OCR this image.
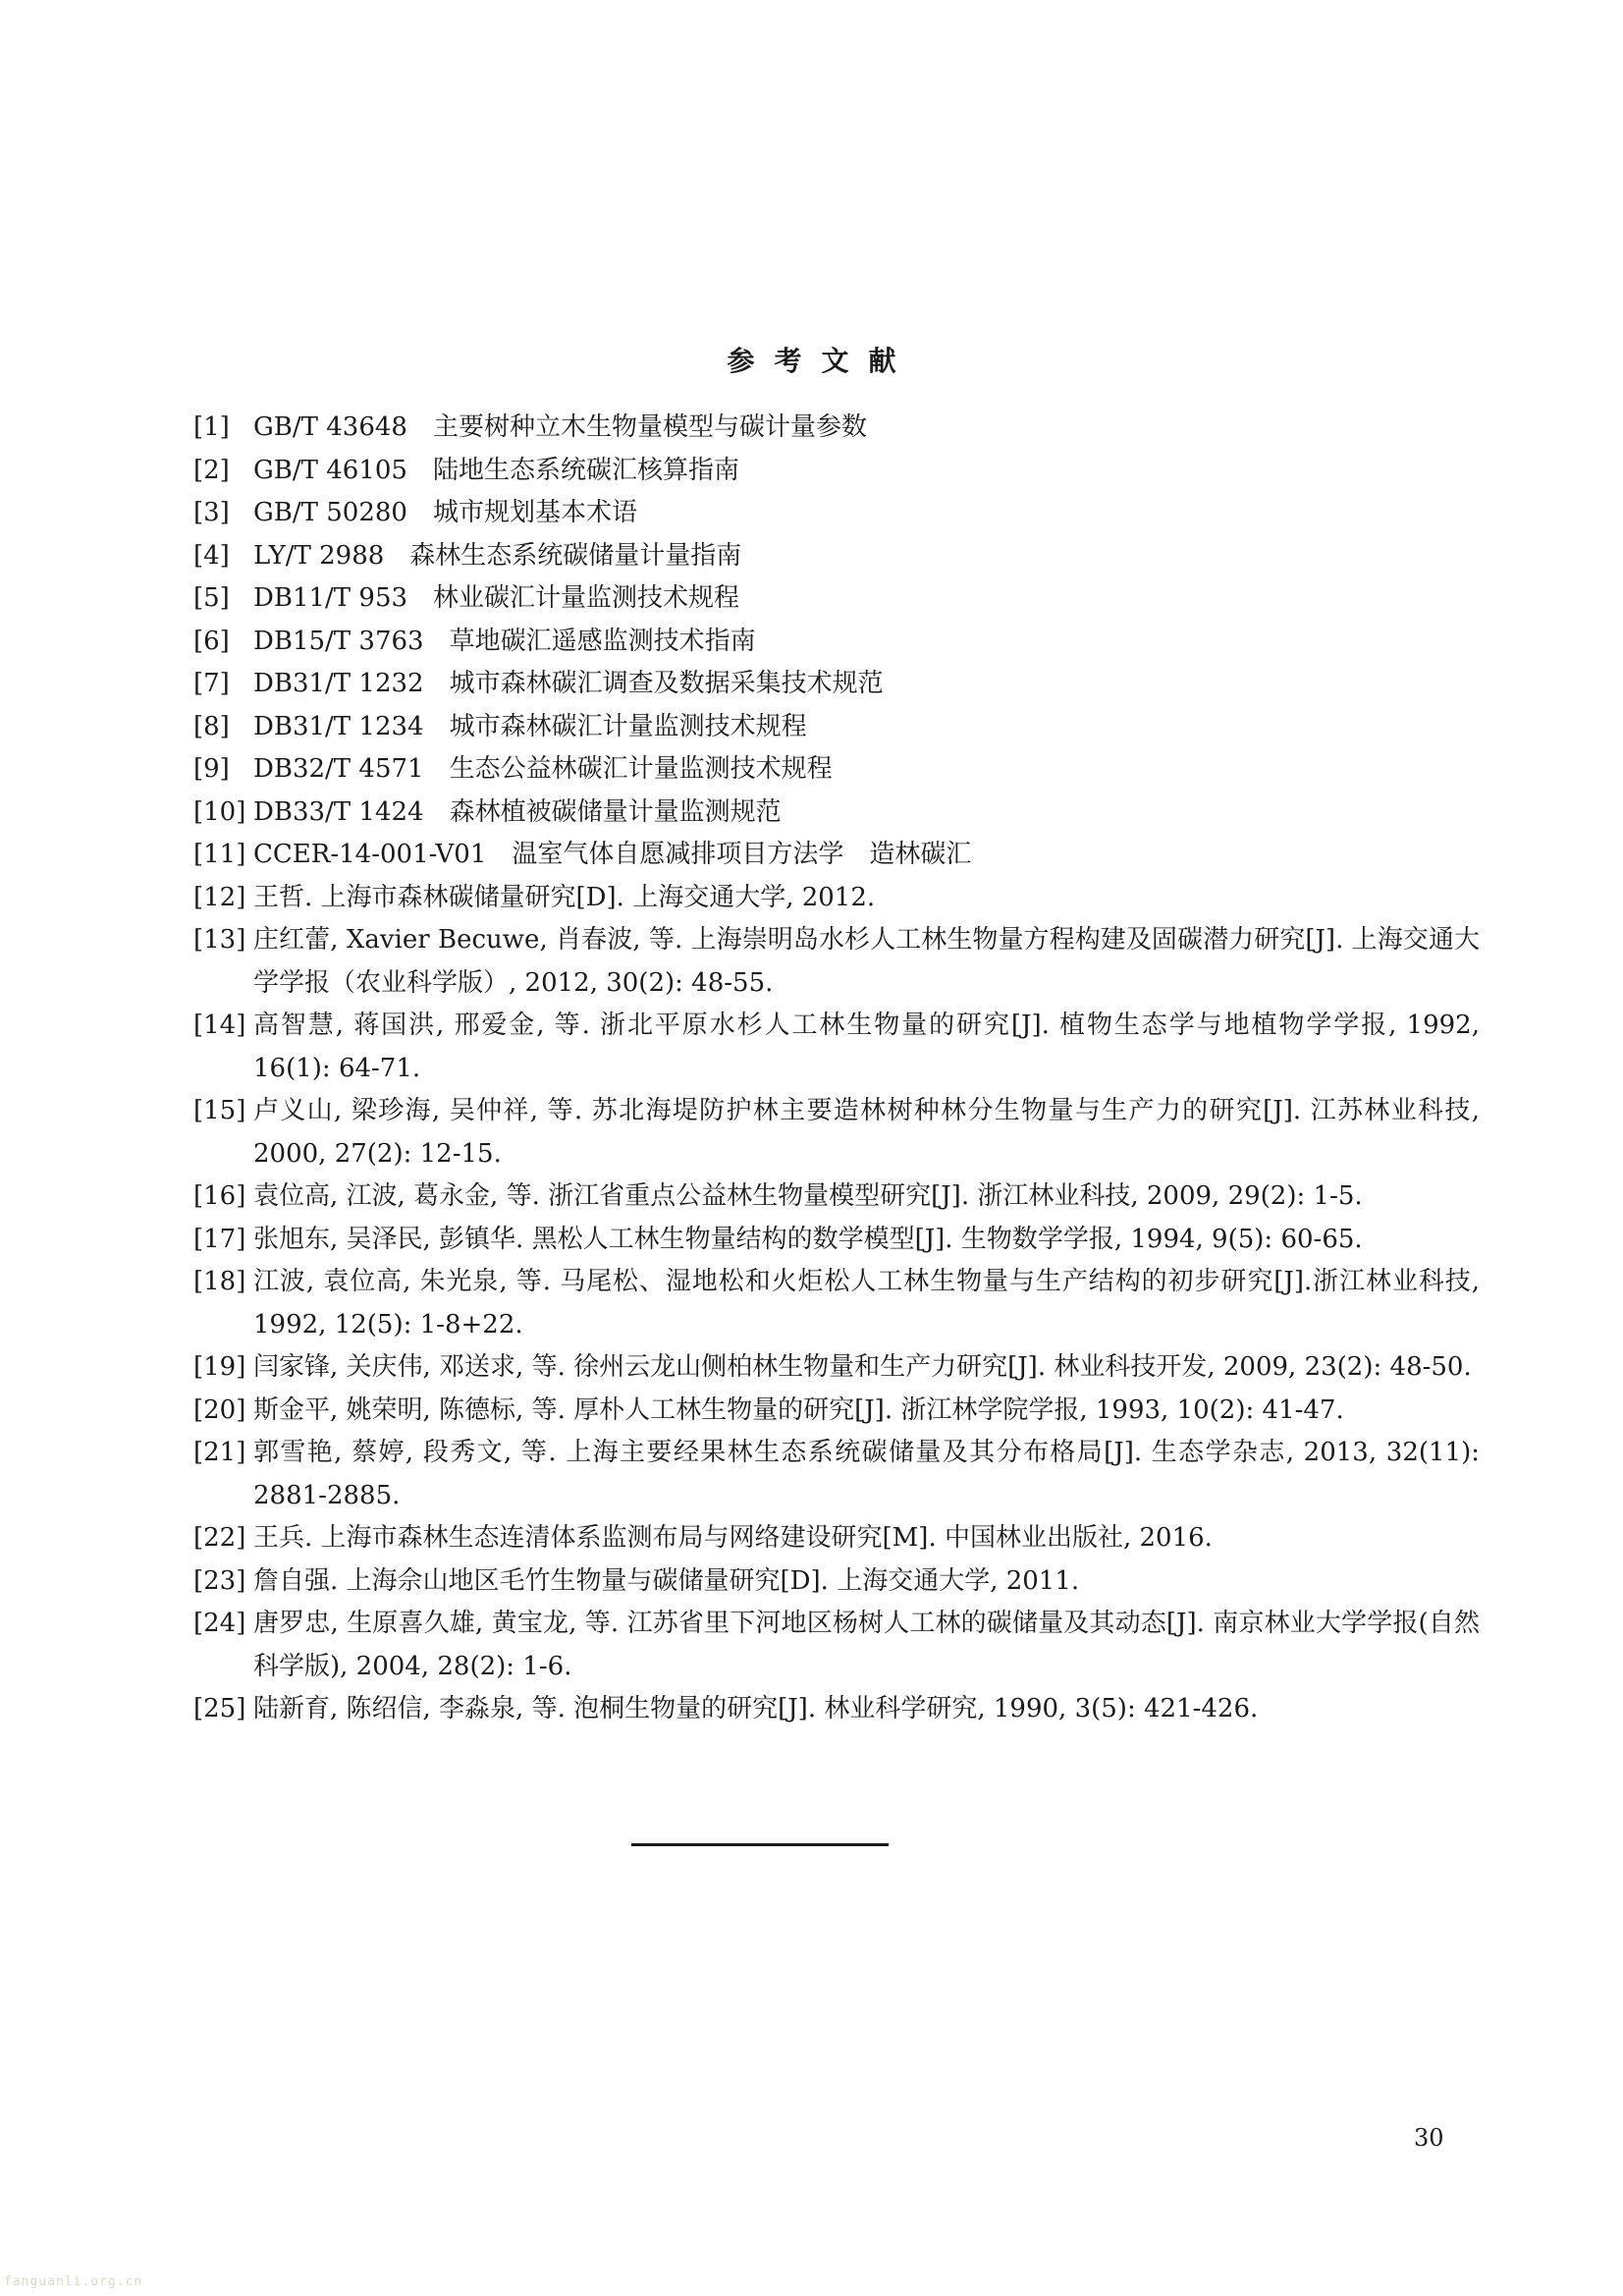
参考文献
[1] GB/T 43648　主要树种立木生物量模型与碳计量参数
[2] GB/T 46105　陆地生态系统碳汇核算指南
[3] GB/T 50280　城市规划基本术语
[4] LY/T 2988　森林生态系统碳储量计量指南
[5] DB11/T 953　林业碳汇计量监测技术规程
[6] DB15/T 3763　草地碳汇遥感监测技术指南
[7] DB31/T 1232　城市森林碳汇调查及数据采集技术规范
[8] DB31/T 1234　城市森林碳汇计量监测技术规程
[9] DB32/T 4571　生态公益林碳汇计量监测技术规程
[10] DB33/T 1424　森林植被碳储量计量监测规范
[11] CCER-14-001-V01　温室气体自愿减排项目方法学　造林碳汇
[12] 王哲. 上海市森林碳储量研究[D]. 上海交通大学, 2012.
[13] 庄红蕾, Xavier Becuwe, 肖春波, 等. 上海崇明岛水杉人工林生物量方程构建及固碳潜力研究[J]. 上海交通大学学报（农业科学版）, 2012, 30(2): 48-55.
[14] 高智慧, 蒋国洪, 邢爱金, 等. 浙北平原水杉人工林生物量的研究[J]. 植物生态学与地植物学学报, 1992, 16(1): 64-71.
[15] 卢义山, 梁珍海, 吴仲祥, 等. 苏北海堤防护林主要造林树种林分生物量与生产力的研究[J]. 江苏林业科技, 2000, 27(2): 12-15.
[16] 袁位高, 江波, 葛永金, 等. 浙江省重点公益林生物量模型研究[J]. 浙江林业科技, 2009, 29(2): 1-5.
[17] 张旭东, 吴泽民, 彭镇华. 黑松人工林生物量结构的数学模型[J]. 生物数学学报, 1994, 9(5): 60-65.
[18] 江波, 袁位高, 朱光泉, 等. 马尾松、湿地松和火炬松人工林生物量与生产结构的初步研究[J].浙江林业科技, 1992, 12(5): 1-8+22.
[19] 闫家锋, 关庆伟, 邓送求, 等. 徐州云龙山侧柏林生物量和生产力研究[J]. 林业科技开发, 2009, 23(2): 48-50.
[20] 斯金平, 姚荣明, 陈德标, 等. 厚朴人工林生物量的研究[J]. 浙江林学院学报, 1993, 10(2): 41-47.
[21] 郭雪艳, 蔡婷, 段秀文, 等. 上海主要经果林生态系统碳储量及其分布格局[J]. 生态学杂志, 2013, 32(11): 2881-2885.
[22] 王兵. 上海市森林生态连清体系监测布局与网络建设研究[M]. 中国林业出版社, 2016.
[23] 詹自强. 上海佘山地区毛竹生物量与碳储量研究[D]. 上海交通大学, 2011.
[24] 唐罗忠, 生原喜久雄, 黄宝龙, 等. 江苏省里下河地区杨树人工林的碳储量及其动态[J]. 南京林业大学学报(自然科学版), 2004, 28(2): 1-6.
[25] 陆新育, 陈绍信, 李淼泉, 等. 泡桐生物量的研究[J]. 林业科学研究, 1990, 3(5): 421-426.
30
fanguanli.org.cn
